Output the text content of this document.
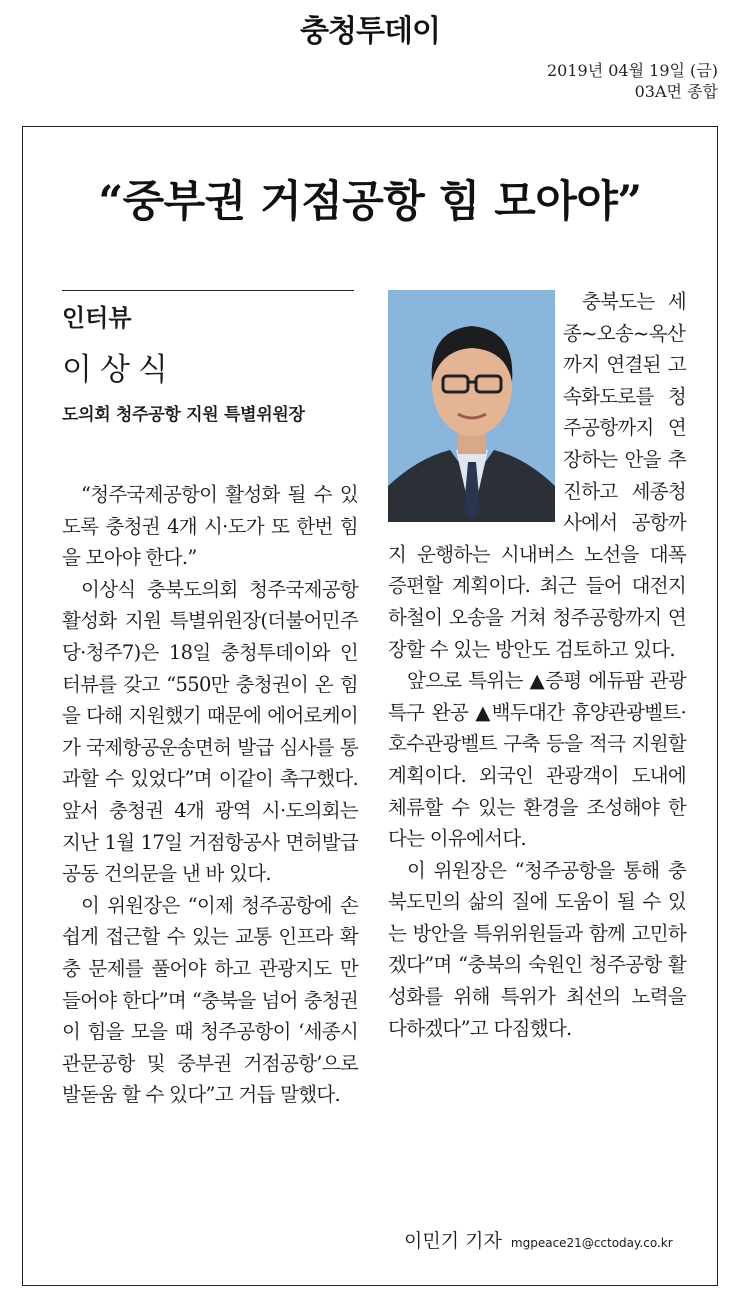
충청투데이
2019년 04월 19일 (금)
03A면 종합
“중부권 거점공항 힘 모아야”
인터뷰
이상식
도의회 청주공항 지원 특별위원장

“청주국제공항이 활성화 될 수 있도록 충청권 4개 시·도가 또 한번 힘을 모아야 한다.”

이상식 충북도의회 청주국제공항 활성화 지원 특별위원장(더불어민주당·청주7)은 18일 충청투데이와 인터뷰를 갖고 “550만 충청권이 온 힘을 다해 지원했기 때문에 에어로케이가 국제항공운송면허 발급 심사를 통과할 수 있었다”며 이같이 촉구했다. 앞서 충청권 4개 광역 시·도의회는 지난 1월 17일 거점항공사 면허발급 공동 건의문을 낸 바 있다.

이 위원장은 “이제 청주공항에 손쉽게 접근할 수 있는 교통 인프라 확충 문제를 풀어야 하고 관광지도 만들어야 한다”며 “충북을 넘어 충청권이 힘을 모을 때 청주공항이 ‘세종시 관문공항 및 중부권 거점공항’으로 발돋움 할 수 있다”고 거듭 말했다.

충북도는 세종~오송~옥산까지 연결된 고속화도로를 청주공항까지 연장하는 안을 추진하고 세종청사에서 공항까지 운행하는 시내버스 노선을 대폭 증편할 계획이다. 최근 들어 대전지하철이 오송을 거쳐 청주공항까지 연장할 수 있는 방안도 검토하고 있다.

앞으로 특위는 ▲증평 에듀팜 관광특구 완공 ▲백두대간 휴양관광벨트·호수관광벨트 구축 등을 적극 지원할 계획이다. 외국인 관광객이 도내에 체류할 수 있는 환경을 조성해야 한다는 이유에서다.

이 위원장은 “청주공항을 통해 충북도민의 삶의 질에 도움이 될 수 있는 방안을 특위위원들과 함께 고민하겠다”며 “충북의 숙원인 청주공항 활성화를 위해 특위가 최선의 노력을 다하겠다”고 다짐했다.

이민기 기자 mgpeace21@cctoday.co.kr
